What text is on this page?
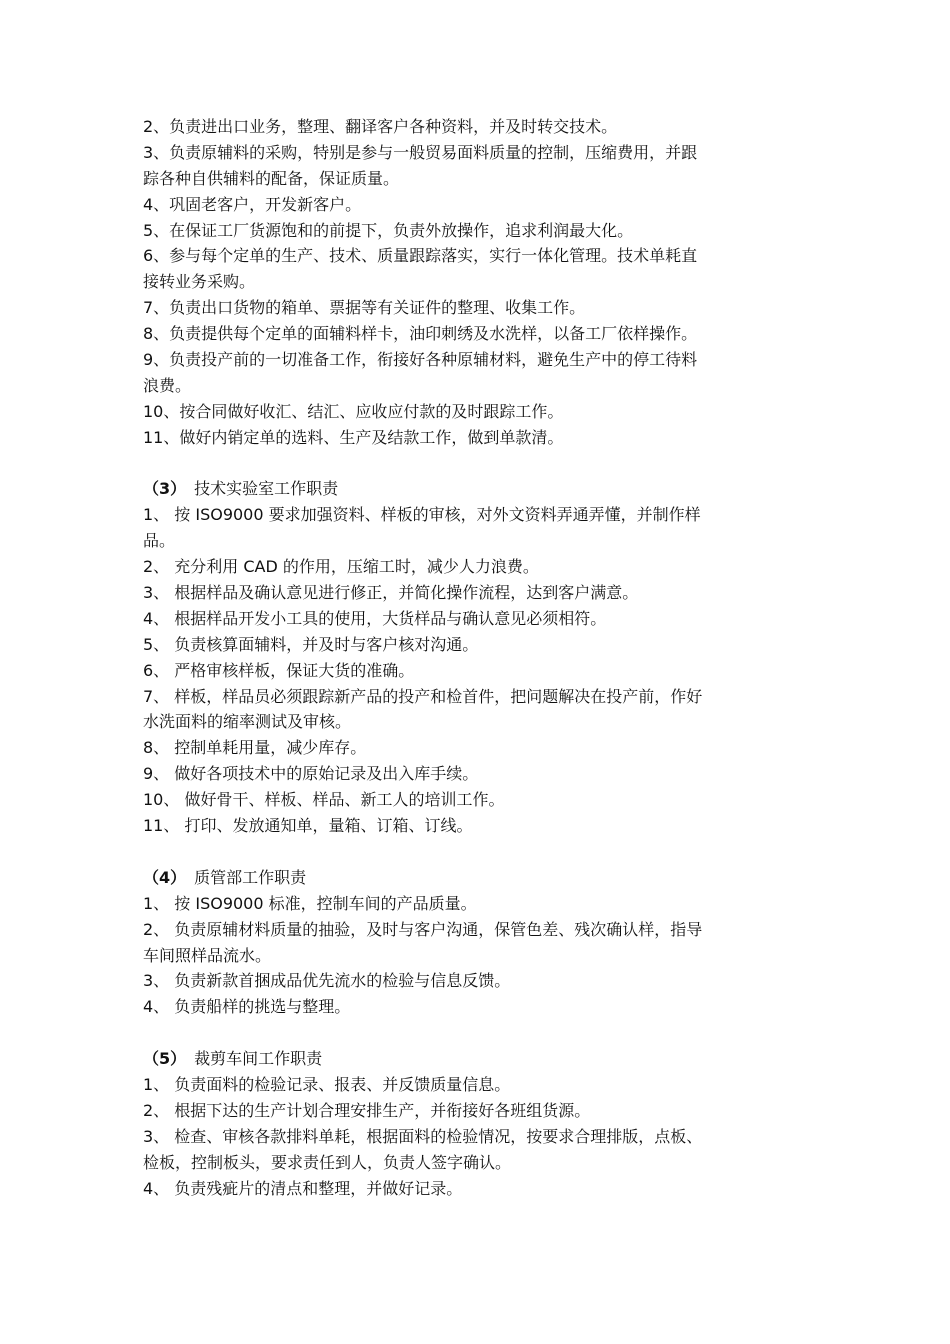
2、负责进出口业务，整理、翻译客户各种资料，并及时转交技术。
3、负责原辅料的采购，特别是参与一般贸易面料质量的控制，压缩费用，并跟
踪各种自供辅料的配备，保证质量。
4、巩固老客户，开发新客户。
5、在保证工厂货源饱和的前提下，负责外放操作，追求利润最大化。
6、参与每个定单的生产、技术、质量跟踪落实，实行一体化管理。技术单耗直
接转业务采购。
7、负责出口货物的箱单、票据等有关证件的整理、收集工作。
8、负责提供每个定单的面辅料样卡，油印刺绣及水洗样，以备工厂依样操作。
9、负责投产前的一切准备工作，衔接好各种原辅材料，避免生产中的停工待料
浪费。
10、按合同做好收汇、结汇、应收应付款的及时跟踪工作。
11、做好内销定单的选料、生产及结款工作，做到单款清。
（3） 技术实验室工作职责
1、 按 ISO9000 要求加强资料、样板的审核，对外文资料弄通弄懂，并制作样
品。
2、 充分利用 CAD 的作用，压缩工时，减少人力浪费。
3、 根据样品及确认意见进行修正，并简化操作流程，达到客户满意。
4、 根据样品开发小工具的使用，大货样品与确认意见必须相符。
5、 负责核算面辅料，并及时与客户核对沟通。
6、 严格审核样板，保证大货的准确。
7、 样板，样品员必须跟踪新产品的投产和检首件，把问题解决在投产前，作好
水洗面料的缩率测试及审核。
8、 控制单耗用量，减少库存。
9、 做好各项技术中的原始记录及出入库手续。
10、 做好骨干、样板、样品、新工人的培训工作。
11、 打印、发放通知单，量箱、订箱、订线。
（4） 质管部工作职责
1、 按 ISO9000 标准，控制车间的产品质量。
2、 负责原辅材料质量的抽验，及时与客户沟通，保管色差、残次确认样，指导
车间照样品流水。
3、 负责新款首捆成品优先流水的检验与信息反馈。
4、 负责船样的挑选与整理。
（5） 裁剪车间工作职责
1、 负责面料的检验记录、报表、并反馈质量信息。
2、 根据下达的生产计划合理安排生产，并衔接好各班组货源。
3、 检查、审核各款排料单耗，根据面料的检验情况，按要求合理排版，点板、
检板，控制板头，要求责任到人，负责人签字确认。
4、 负责残疵片的清点和整理，并做好记录。
